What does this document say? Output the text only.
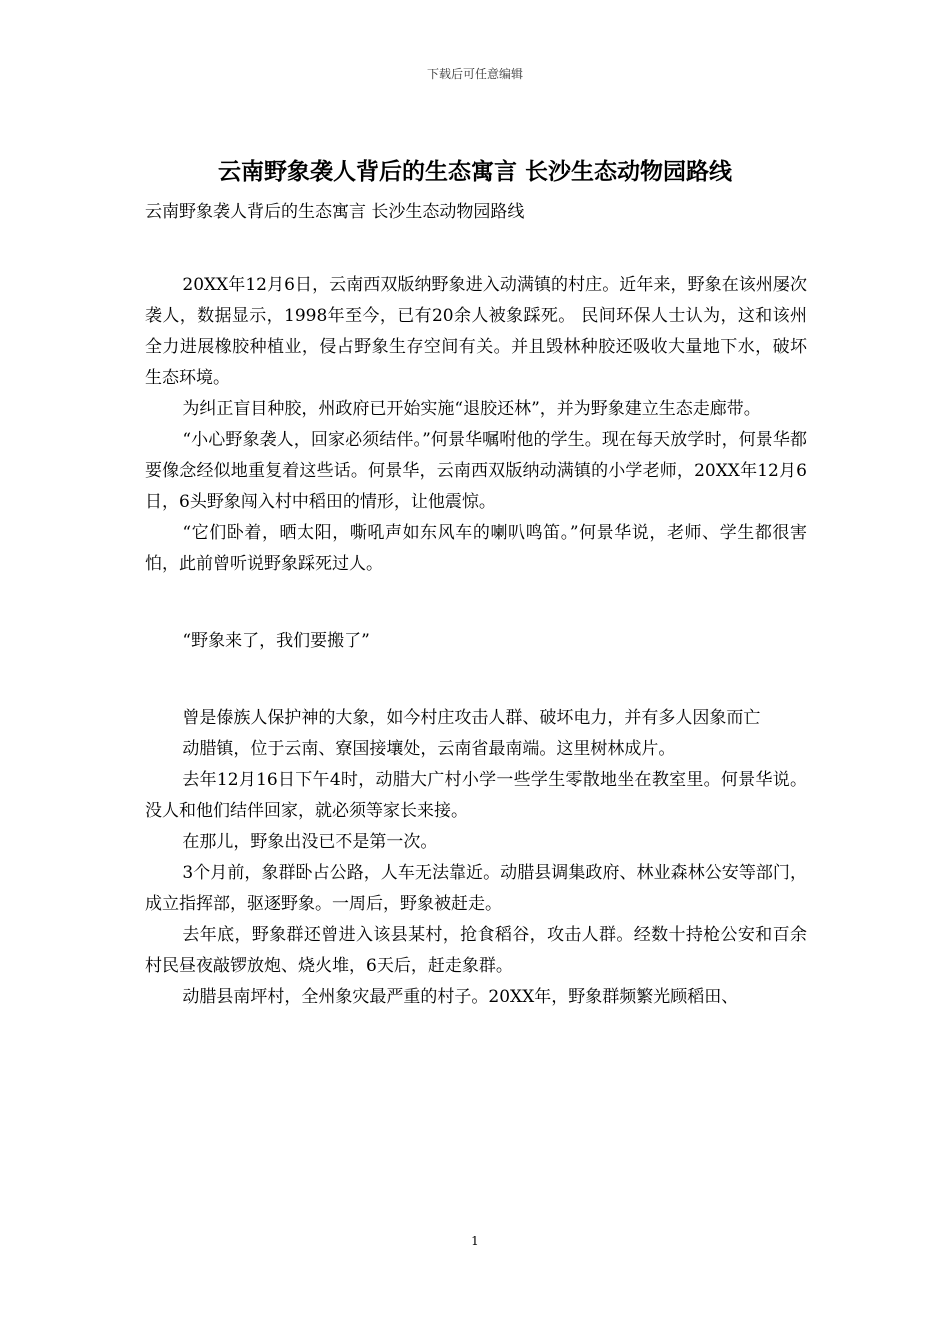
下载后可任意编辑
云南野象袭人背后的生态寓言 长沙生态动物园路线

云南野象袭人背后的生态寓言 长沙生态动物园路线

20XX年12月6日，云南西双版纳野象进入动满镇的村庄。近年来，野象在该州屡次袭人，数据显示，1998年至今，已有20余人被象踩死。 民间环保人士认为，这和该州全力进展橡胶种植业，侵占野象生存空间有关。并且毁林种胶还吸收大量地下水，破坏生态环境。

为纠正盲目种胶，州政府已开始实施“退胶还林”，并为野象建立生态走廊带。

“小心野象袭人，回家必须结伴。”何景华嘱咐他的学生。现在每天放学时，何景华都要像念经似地重复着这些话。何景华，云南西双版纳动满镇的小学老师，20XX年12月6日，6头野象闯入村中稻田的情形，让他震惊。

“它们卧着，晒太阳，嘶吼声如东风车的喇叭鸣笛。”何景华说，老师、学生都很害怕，此前曾听说野象踩死过人。

“野象来了，我们要搬了”

曾是傣族人保护神的大象，如今村庄攻击人群、破坏电力，并有多人因象而亡

动腊镇，位于云南、寮国接壤处，云南省最南端。这里树林成片。

去年12月16日下午4时，动腊大广村小学一些学生零散地坐在教室里。何景华说。没人和他们结伴回家，就必须等家长来接。

在那儿，野象出没已不是第一次。

3个月前，象群卧占公路，人车无法靠近。动腊县调集政府、林业森林公安等部门，成立指挥部，驱逐野象。一周后，野象被赶走。

去年底，野象群还曾进入该县某村，抢食稻谷，攻击人群。经数十持枪公安和百余村民昼夜敲锣放炮、烧火堆，6天后，赶走象群。

动腊县南坪村，全州象灾最严重的村子。20XX年，野象群频繁光顾稻田、

1
